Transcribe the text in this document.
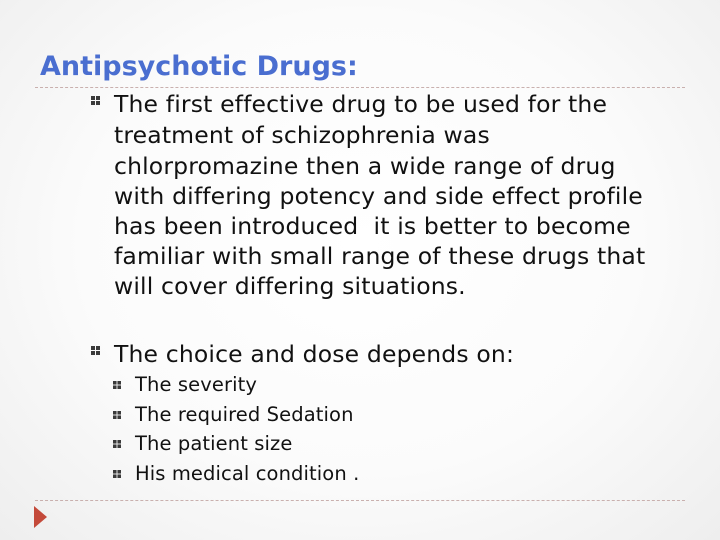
Antipsychotic Drugs:
The first effective drug to be used for the
treatment of schizophrenia was
chlorpromazine then a wide range of drug
with differing potency and side effect profile
has been introduced  it is better to become
familiar with small range of these drugs that
will cover differing situations.
The choice and dose depends on:
The severity
The required Sedation
The patient size
His medical condition .
